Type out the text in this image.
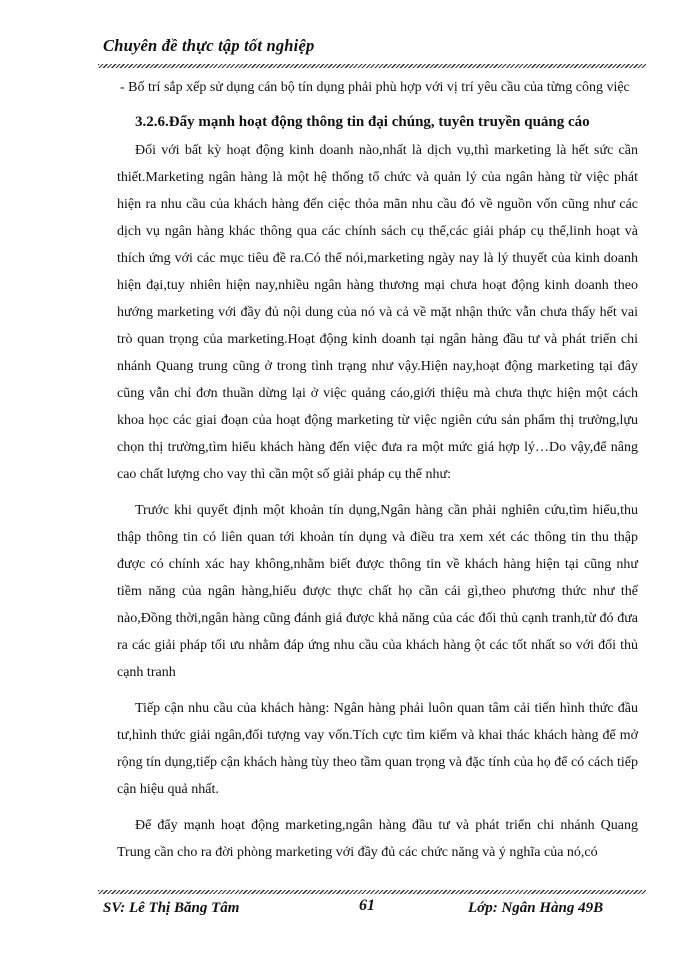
Chuyên đề thực tập tốt nghiệp

- Bố trí sắp xếp sử dụng cán bộ tín dụng phải phù hợp với vị trí yêu cầu của từng công việc

3.2.6.Đẩy mạnh hoạt động thông tin đại chúng, tuyên truyền quảng cáo

Đối với bất kỳ hoạt động kinh doanh nào,nhất là dịch vụ,thì marketing là hết sức cần thiết.Marketing ngân hàng là một hệ thống tổ chức và quản lý của ngân hàng từ việc phát hiện ra nhu cầu của khách hàng đến ciệc thỏa mãn nhu cầu đó về nguồn vốn cũng như các dịch vụ ngân hàng khác thông qua các chính sách cụ thể,các giải pháp cụ thể,linh hoạt và thích ứng với các mục tiêu đề ra.Có thể nói,marketing ngày nay là lý thuyết của kinh doanh hiện đại,tuy nhiên hiện nay,nhiều ngân hàng thương mại chưa hoạt động kinh doanh theo hướng marketing với đầy đủ nội dung của nó và cả về mặt nhận thức vẫn chưa thấy hết vai trò quan trọng của marketing.Hoạt động kinh doanh tại ngân hàng đầu tư và phát triển chi nhánh Quang trung cũng ở trong tình trạng như vậy.Hiện nay,hoạt động marketing tại đây cũng vẫn chỉ đơn thuần dừng lại ở việc quảng cáo,giới thiệu mà chưa thực hiện một cách khoa học các giai đoạn của hoạt động marketing từ việc ngiên cứu sản phẩm thị trường,lựu chọn thị trường,tìm hiểu khách hàng đến việc đưa ra một mức giá hợp lý…Do vậy,để nâng cao chất lượng cho vay thì cần một số giải pháp cụ thể như:

Trước khi quyết định một khoản tín dụng,Ngân hàng cần phải nghiên cứu,tìm hiểu,thu thập thông tin có liên quan tới khoản tín dụng và điều tra xem xét các thông tin thu thập được có chính xác hay không,nhằm biết được thông tin về khách hàng hiện tại cũng như tiềm năng của ngân hàng,hiểu được thực chất họ cần cái gì,theo phương thức như thế nào,Đồng thời,ngân hàng cũng đánh giá được khả năng của các đối thủ cạnh tranh,từ đó đưa ra các giải pháp tối ưu nhằm đáp ứng nhu cầu của khách hàng ột các tốt nhất so với đối thủ cạnh tranh

Tiếp cận nhu cầu của khách hàng: Ngân hàng phải luôn quan tâm cải tiến hình thức đầu tư,hình thức giải ngân,đối tượng vay vốn.Tích cực tìm kiếm và khai thác khách hàng để mở rộng tín dụng,tiếp cận khách hàng tùy theo tầm quan trọng và đặc tính của họ để có cách tiếp cận hiệu quả nhất.

Để đẩy mạnh hoạt động marketing,ngân hàng đầu tư và phát triển chi nhánh Quang Trung cần cho ra đời phòng marketing với đầy đủ các chức năng và ý nghĩa của nó,có

SV: Lê Thị Băng Tâm	61	Lớp: Ngân Hàng 49B
